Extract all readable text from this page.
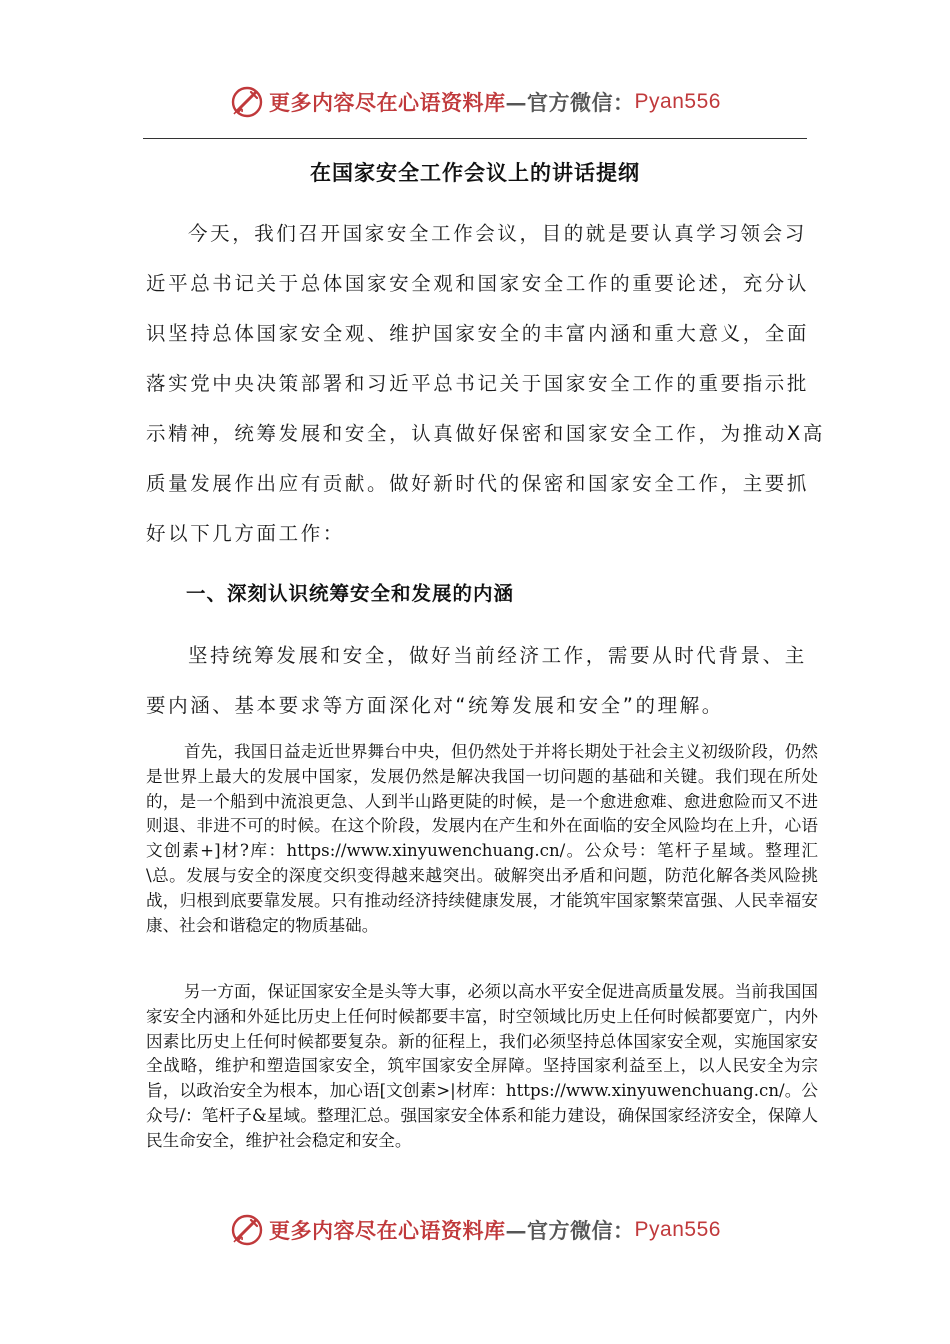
更多内容尽在心语资料库 —官方微信： Pyan556
在国家安全工作会议上的讲话提纲

今天，我们召开国家安全工作会议，目的就是要认真学习领会习近平总书记关于总体国家安全观和国家安全工作的重要论述，充分认识坚持总体国家安全观、维护国家安全的丰富内涵和重大意义，全面落实党中央决策部署和习近平总书记关于国家安全工作的重要指示批示精神，统筹发展和安全，认真做好保密和国家安全工作，为推动X高质量发展作出应有贡献。做好新时代的保密和国家安全工作，主要抓好以下几方面工作：

一、深刻认识统筹安全和发展的内涵

坚持统筹发展和安全，做好当前经济工作，需要从时代背景、主要内涵、基本要求等方面深化对“统筹发展和安全”的理解。

首先，我国日益走近世界舞台中央，但仍然处于并将长期处于社会主义初级阶段，仍然是世界上最大的发展中国家，发展仍然是解决我国一切问题的基础和关键。我们现在所处的，是一个船到中流浪更急、人到半山路更陡的时候，是一个愈进愈难、愈进愈险而又不进则退、非进不可的时候。在这个阶段，发展内在产生和外在面临的安全风险均在上升，心语文创素+]材?库：https://www.xinyuwenchuang.cn/。公众号：笔杆子星域。整理汇\总。发展与安全的深度交织变得越来越突出。破解突出矛盾和问题，防范化解各类风险挑战，归根到底要靠发展。只有推动经济持续健康发展，才能筑牢国家繁荣富强、人民幸福安康、社会和谐稳定的物质基础。

另一方面，保证国家安全是头等大事，必须以高水平安全促进高质量发展。当前我国国家安全内涵和外延比历史上任何时候都要丰富，时空领域比历史上任何时候都要宽广，内外因素比历史上任何时候都要复杂。新的征程上，我们必须坚持总体国家安全观，实施国家安全战略，维护和塑造国家安全，筑牢国家安全屏障。坚持国家利益至上，以人民安全为宗旨，以政治安全为根本，加心语[文创素>|材库：https://www.xinyuwenchuang.cn/。公众号/：笔杆子&星域。整理汇总。强国家安全体系和能力建设，确保国家经济安全，保障人民生命安全，维护社会稳定和安全。

更多内容尽在心语资料库 —官方微信： Pyan556
